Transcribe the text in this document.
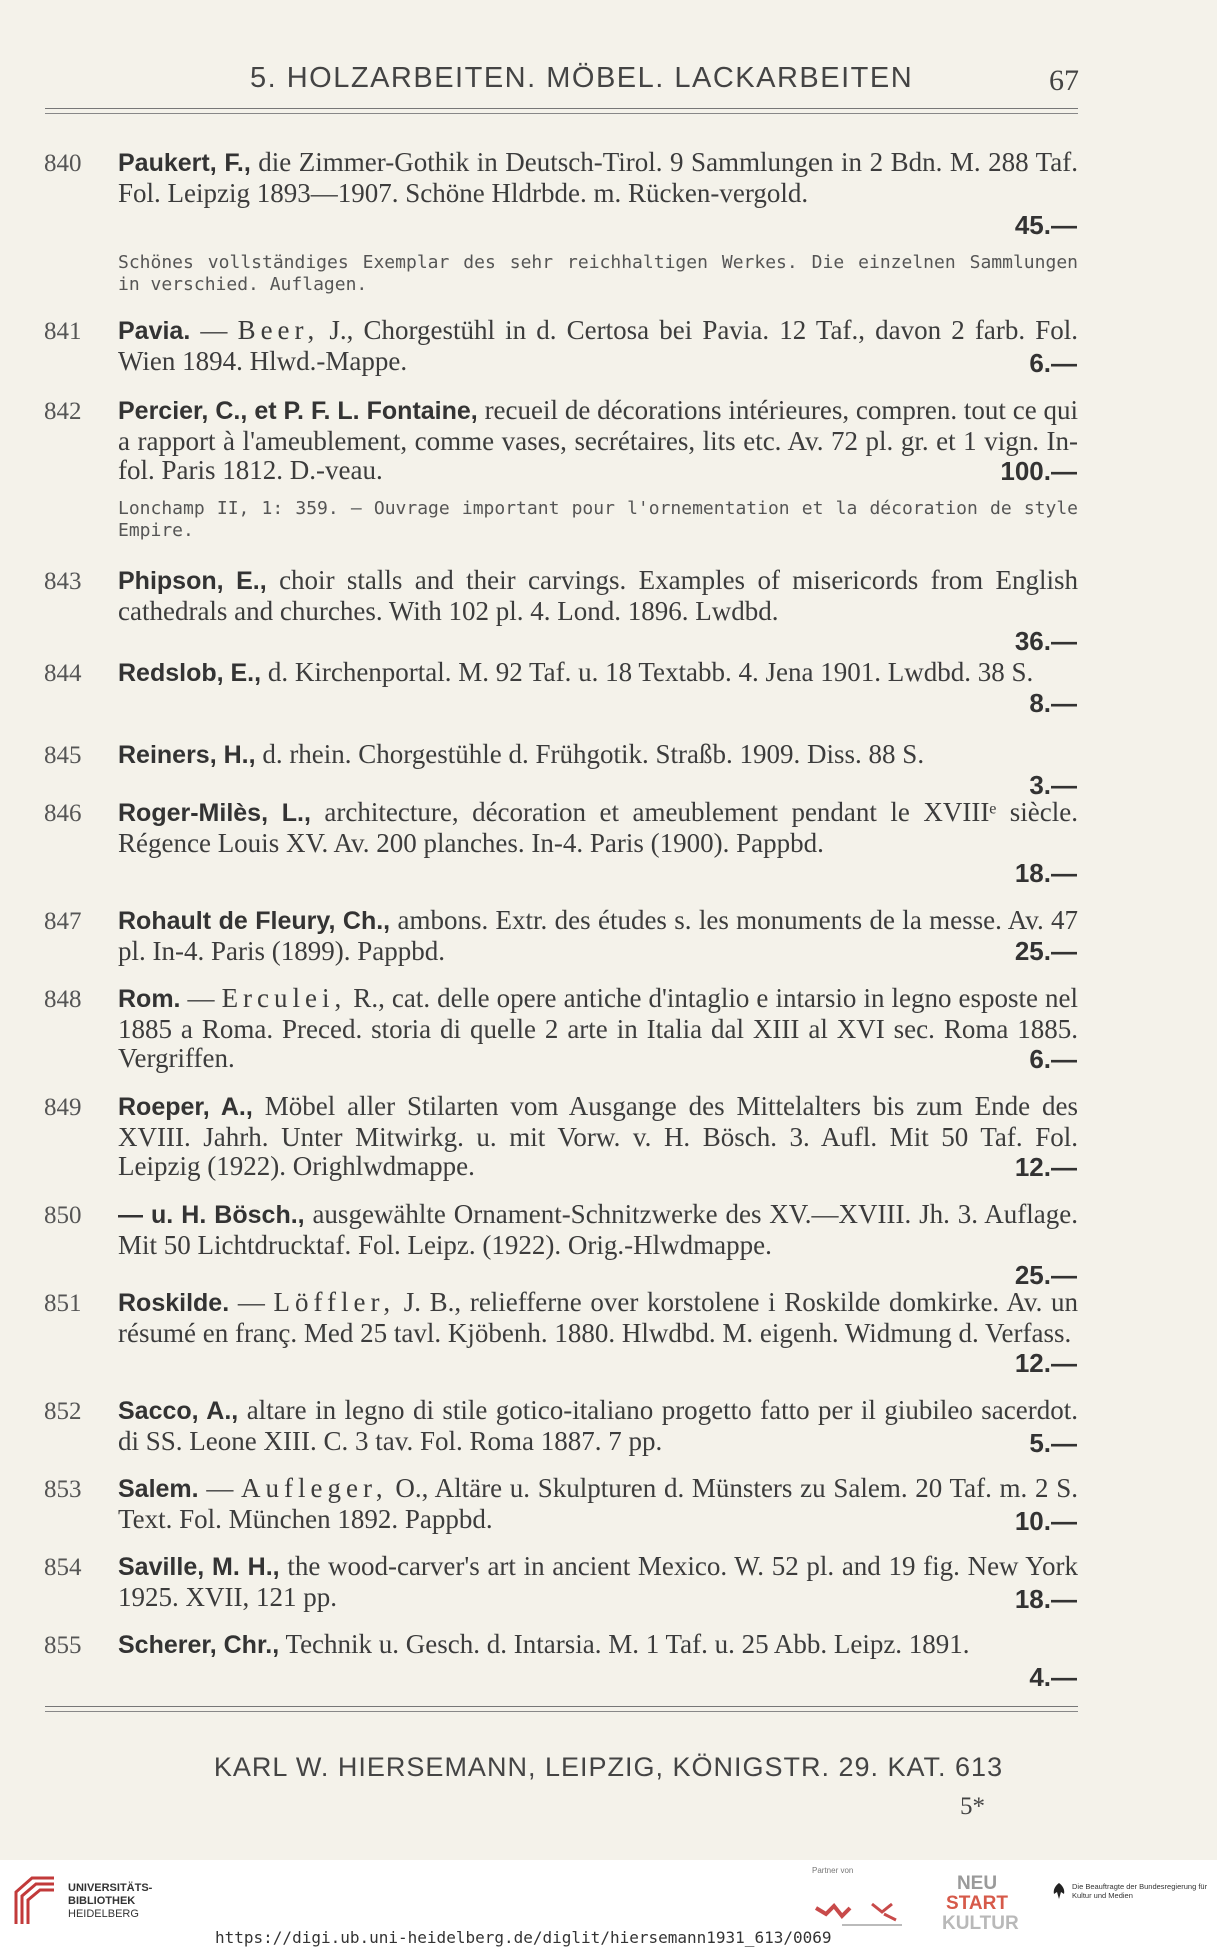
5. HOLZARBEITEN. MÖBEL. LACKARBEITEN	67
840 Paukert, F., die Zimmer-Gothik in Deutsch-Tirol. 9 Sammlungen in 2 Bdn. M. 288 Taf. Fol. Leipzig 1893—1907. Schöne Hldrbde. m. Rücken-vergold.
45.—
Schönes vollständiges Exemplar des sehr reichhaltigen Werkes. Die einzelnen Sammlungen in verschied. Auflagen.
841 Pavia. — Beer, J., Chorgestühl in d. Certosa bei Pavia. 12 Taf., davon 2 farb. Fol. Wien 1894. Hlwd.-Mappe.	6.—
842 Percier, C., et P. F. L. Fontaine, recueil de décorations intérieures, compren. tout ce qui a rapport à l'ameublement, comme vases, secrétaires, lits etc. Av. 72 pl. gr. et 1 vign. In-fol. Paris 1812. D.-veau.	100.—
Lonchamp II, 1: 359. — Ouvrage important pour l'ornementation et la décoration de style Empire.
843 Phipson, E., choir stalls and their carvings. Examples of misericords from English cathedrals and churches. With 102 pl. 4. Lond. 1896. Lwdbd.
36.—
844 Redslob, E., d. Kirchenportal. M. 92 Taf. u. 18 Textabb. 4. Jena 1901. Lwdbd. 38 S.
8.—
845 Reiners, H., d. rhein. Chorgestühle d. Frühgotik. Straßb. 1909. Diss. 88 S.
3.—
846 Roger-Milès, L., architecture, décoration et ameublement pendant le XVIIIᵉ siècle. Régence Louis XV. Av. 200 planches. In-4. Paris (1900). Pappbd.
18.—
847 Rohault de Fleury, Ch., ambons. Extr. des études s. les monuments de la messe. Av. 47 pl. In-4. Paris (1899). Pappbd.	25.—
848 Rom. — Erculei, R., cat. delle opere antiche d'intaglio e intarsio in legno esposte nel 1885 a Roma. Preced. storia di quelle 2 arte in Italia dal XIII al XVI sec. Roma 1885. Vergriffen.	6.—
849 Roeper, A., Möbel aller Stilarten vom Ausgange des Mittelalters bis zum Ende des XVIII. Jahrh. Unter Mitwirkg. u. mit Vorw. v. H. Bösch. 3. Aufl. Mit 50 Taf. Fol. Leipzig (1922). Orighlwdmappe.	12.—
850 — u. H. Bösch., ausgewählte Ornament-Schnitzwerke des XV.—XVIII. Jh. 3. Auflage. Mit 50 Lichtdrucktaf. Fol. Leipz. (1922). Orig.-Hlwdmappe.
25.—
851 Roskilde. — Löffler, J. B., reliefferne over korstolene i Roskilde domkirke. Av. un résumé en franç. Med 25 tavl. Kjöbenh. 1880. Hlwdbd. M. eigenh. Widmung d. Verfass.
12.—
852 Sacco, A., altare in legno di stile gotico-italiano progetto fatto per il giubileo sacerdot. di SS. Leone XIII. C. 3 tav. Fol. Roma 1887. 7 pp.	5.—
853 Salem. — Aufleger, O., Altäre u. Skulpturen d. Münsters zu Salem. 20 Taf. m. 2 S. Text. Fol. München 1892. Pappbd.	10.—
854 Saville, M. H., the wood-carver's art in ancient Mexico. W. 52 pl. and 19 fig. New York 1925. XVII, 121 pp.	18.—
855 Scherer, Chr., Technik u. Gesch. d. Intarsia. M. 1 Taf. u. 25 Abb. Leipz. 1891.
4.—
KARL W. HIERSEMANN, LEIPZIG, KÖNIGSTR. 29. KAT. 613
5*
UNIVERSITÄTS-
BIBLIOTHEK
HEIDELBERG
https://digi.ub.uni-heidelberg.de/diglit/hiersemann1931_613/0069
Partner von
NEU
START
KULTUR
Die Beauftragte der Bundesregierung für Kultur und Medien
